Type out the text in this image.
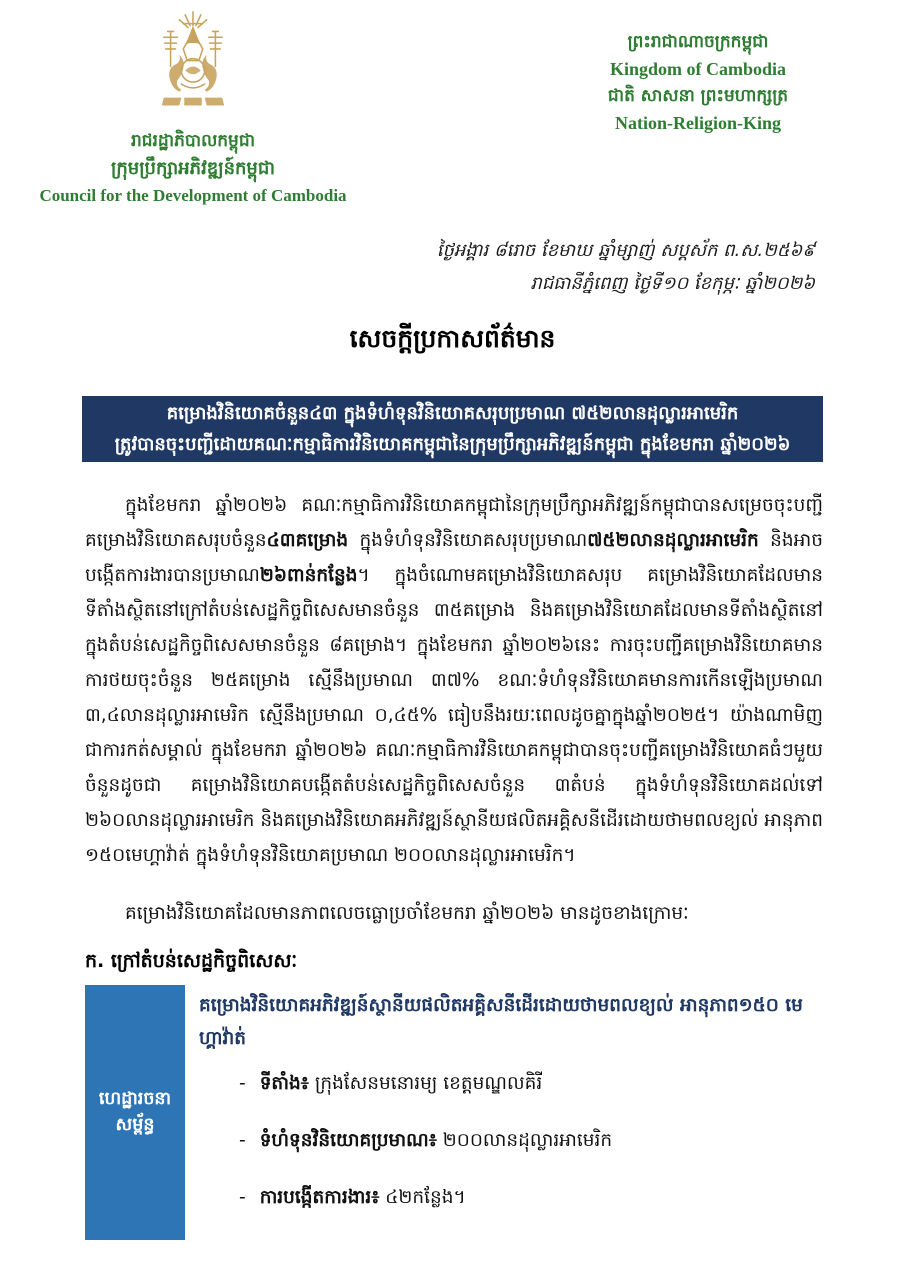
រាជរដ្ឋាភិបាលកម្ពុជា
ក្រុមប្រឹក្សាអភិវឌ្ឍន៍កម្ពុជា
Council for the Development of Cambodia
ព្រះរាជាណាចក្រកម្ពុជា
Kingdom of Cambodia
ជាតិ សាសនា ព្រះមហាក្សត្រ
Nation-Religion-King
ថ្ងៃអង្គារ ៨រោច ខែមាឃ ឆ្នាំម្សាញ់ សប្តស័ក ព.ស.២៥៦៩
រាជធានីភ្នំពេញ ថ្ងៃទី១០ ខែកុម្ភៈ ឆ្នាំ២០២៦
សេចក្តីប្រកាសព័ត៌មាន
គម្រោងវិនិយោគចំនួន៤៣ ក្នុងទំហំទុនវិនិយោគសរុបប្រមាណ ៧៥២លានដុល្លារអាមេរិក
ត្រូវបានចុះបញ្ជីដោយគណៈកម្មាធិការវិនិយោគកម្ពុជានៃក្រុមប្រឹក្សាអភិវឌ្ឍន៍កម្ពុជា ក្នុងខែមករា ឆ្នាំ២០២៦

ក្នុងខែមករា ឆ្នាំ២០២៦ គណៈកម្មាធិការវិនិយោគកម្ពុជានៃក្រុមប្រឹក្សាអភិវឌ្ឍន៍កម្ពុជាបានសម្រេចចុះបញ្ជីគម្រោងវិនិយោគសរុបចំនួន៤៣គម្រោង ក្នុងទំហំទុនវិនិយោគសរុបប្រមាណ៧៥២លានដុល្លារអាមេរិក និងអាចបង្កើតការងារបានប្រមាណ២៦ពាន់កន្លែង។ ក្នុងចំណោមគម្រោងវិនិយោគសរុប គម្រោងវិនិយោគដែលមានទីតាំងស្ថិតនៅក្រៅតំបន់សេដ្ឋកិច្ចពិសេសមានចំនួន ៣៥គម្រោង និងគម្រោងវិនិយោគដែលមានទីតាំងស្ថិតនៅក្នុងតំបន់សេដ្ឋកិច្ចពិសេសមានចំនួន ៨គម្រោង។ ក្នុងខែមករា ឆ្នាំ២០២៦នេះ ការចុះបញ្ជីគម្រោងវិនិយោគមានការថយចុះចំនួន ២៥គម្រោង ស្មើនឹងប្រមាណ ៣៧% ខណៈទំហំទុនវិនិយោគមានការកើនឡើងប្រមាណ ៣,៤លានដុល្លារអាមេរិក ស្មើនឹងប្រមាណ ០,៤៥% ធៀបនឹងរយៈពេលដូចគ្នាក្នុងឆ្នាំ២០២៥។ យ៉ាងណាមិញ ជាការកត់សម្គាល់ ក្នុងខែមករា ឆ្នាំ២០២៦ គណៈកម្មាធិការវិនិយោគកម្ពុជាបានចុះបញ្ជីគម្រោងវិនិយោគធំៗមួយចំនួនដូចជា គម្រោងវិនិយោគបង្កើតតំបន់សេដ្ឋកិច្ចពិសេសចំនួន ៣តំបន់ ក្នុងទំហំទុនវិនិយោគដល់ទៅ ២៦០លានដុល្លារអាមេរិក និងគម្រោងវិនិយោគអភិវឌ្ឍន៍ស្ថានីយផលិតអគ្គិសនីដើរដោយថាមពលខ្យល់ អានុភាព ១៥០មេហ្គាវ៉ាត់ ក្នុងទំហំទុនវិនិយោគប្រមាណ ២០០លានដុល្លារអាមេរិក។

គម្រោងវិនិយោគដែលមានភាពលេចធ្លោប្រចាំខែមករា ឆ្នាំ២០២៦ មានដូចខាងក្រោមៈ

ក. ក្រៅតំបន់សេដ្ឋកិច្ចពិសេសៈ
ហេដ្ឋារចនាសម្ព័ន្ធ

គម្រោងវិនិយោគអភិវឌ្ឍន៍ស្ថានីយផលិតអគ្គិសនីដើរដោយថាមពលខ្យល់ អានុភាព១៥០ មេហ្គាវ៉ាត់

- ទីតាំង៖ ក្រុងសែនមនោរម្យ ខេត្តមណ្ឌលគិរី
- ទំហំទុនវិនិយោគប្រមាណ៖ ២០០លានដុល្លារអាមេរិក
- ការបង្កើតការងារ៖ ៤២កន្លែង។
